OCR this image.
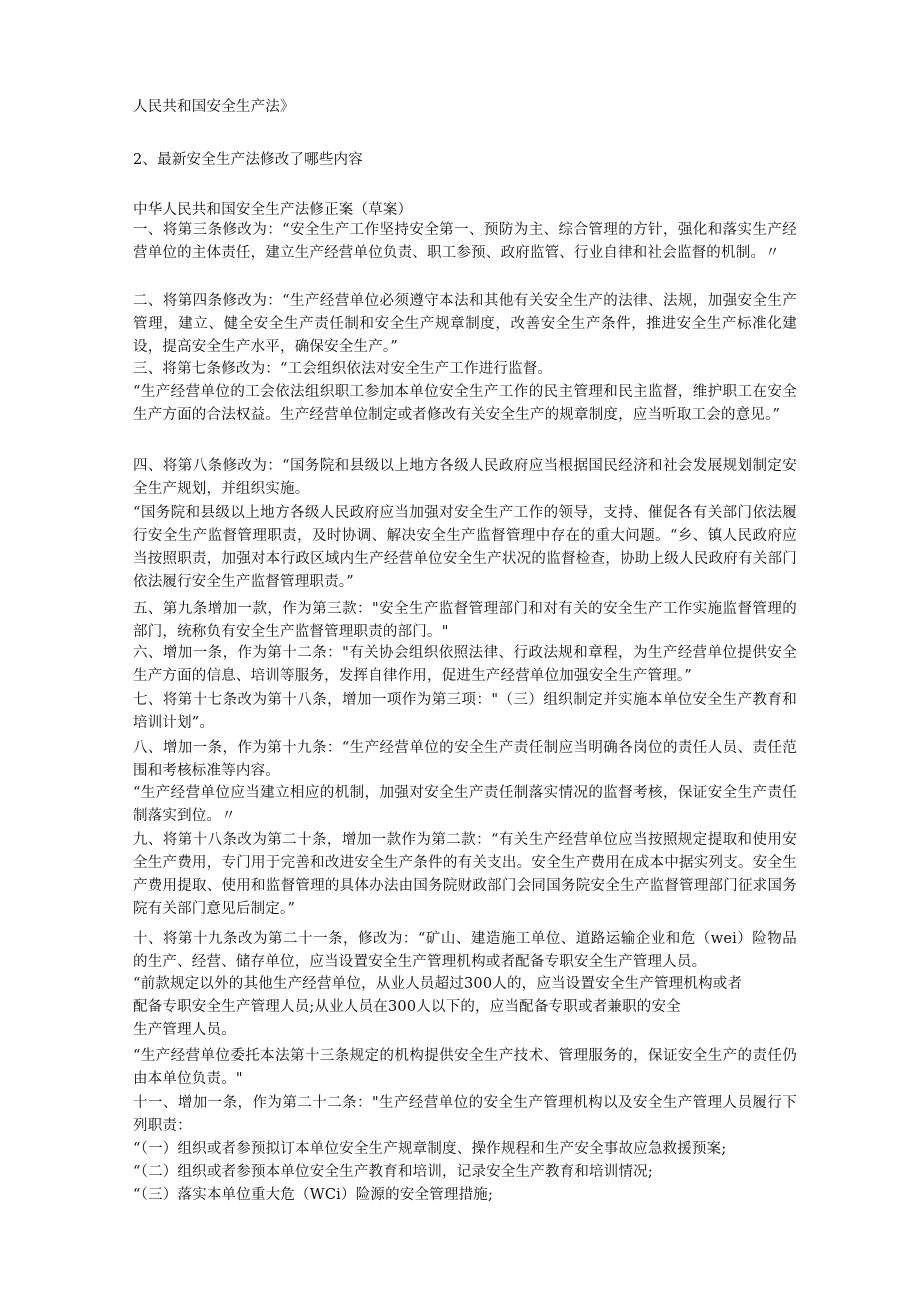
人民共和国安全生产法》
2、最新安全生产法修改了哪些内容
中华人民共和国安全生产法修正案（草案）
一、将第三条修改为：“安全生产工作坚持安全第一、预防为主、综合管理的方针，强化和落实生产经营单位的主体责任，建立生产经营单位负责、职工参预、政府监管、行业自律和社会监督的机制。〃
二、将第四条修改为：“生产经营单位必须遵守本法和其他有关安全生产的法律、法规，加强安全生产管理，建立、健全安全生产责任制和安全生产规章制度，改善安全生产条件，推进安全生产标准化建设，提高安全生产水平，确保安全生产。”
三、将第七条修改为：“工会组织依法对安全生产工作进行监督。
“生产经营单位的工会依法组织职工参加本单位安全生产工作的民主管理和民主监督，维护职工在安全生产方面的合法权益。生产经营单位制定或者修改有关安全生产的规章制度，应当听取工会的意见。”
四、将第八条修改为：“国务院和县级以上地方各级人民政府应当根据国民经济和社会发展规划制定安全生产规划，并组织实施。
“国务院和县级以上地方各级人民政府应当加强对安全生产工作的领导，支持、催促各有关部门依法履行安全生产监督管理职责，及时协调、解决安全生产监督管理中存在的重大问题。“乡、镇人民政府应当按照职责，加强对本行政区域内生产经营单位安全生产状况的监督检查，协助上级人民政府有关部门依法履行安全生产监督管理职责。”
五、第九条增加一款，作为第三款："安全生产监督管理部门和对有关的安全生产工作实施监督管理的部门，统称负有安全生产监督管理职责的部门。"
六、增加一条，作为第十二条："有关协会组织依照法律、行政法规和章程，为生产经营单位提供安全生产方面的信息、培训等服务，发挥自律作用，促进生产经营单位加强安全生产管理。”
七、将第十七条改为第十八条，增加一项作为第三项："（三）组织制定并实施本单位安全生产教育和培训计划”。
八、增加一条，作为第十九条：“生产经营单位的安全生产责任制应当明确各岗位的责任人员、责任范围和考核标准等内容。
“生产经营单位应当建立相应的机制，加强对安全生产责任制落实情况的监督考核，保证安全生产责任制落实到位。〃
九、将第十八条改为第二十条，增加一款作为第二款：“有关生产经营单位应当按照规定提取和使用安全生产费用，专门用于完善和改进安全生产条件的有关支出。安全生产费用在成本中据实列支。安全生产费用提取、使用和监督管理的具体办法由国务院财政部门会同国务院安全生产监督管理部门征求国务院有关部门意见后制定。”
十、将第十九条改为第二十一条，修改为：“矿山、建造施工单位、道路运输企业和危（wei）险物品的生产、经营、储存单位，应当设置安全生产管理机构或者配备专职安全生产管理人员。
“前款规定以外的其他生产经营单位，从业人员超过300人的，应当设置安全生产管理机构或者
配备专职安全生产管理人员;从业人员在300人以下的，应当配备专职或者兼职的安全
生产管理人员。
“生产经营单位委托本法第十三条规定的机构提供安全生产技术、管理服务的，保证安全生产的责任仍由本单位负责。"
十一、增加一条，作为第二十二条："生产经营单位的安全生产管理机构以及安全生产管理人员履行下列职责：
“（一）组织或者参预拟订本单位安全生产规章制度、操作规程和生产安全事故应急救援预案;
“（二）组织或者参预本单位安全生产教育和培训，记录安全生产教育和培训情况;
“（三）落实本单位重大危（WCi）险源的安全管理措施;
